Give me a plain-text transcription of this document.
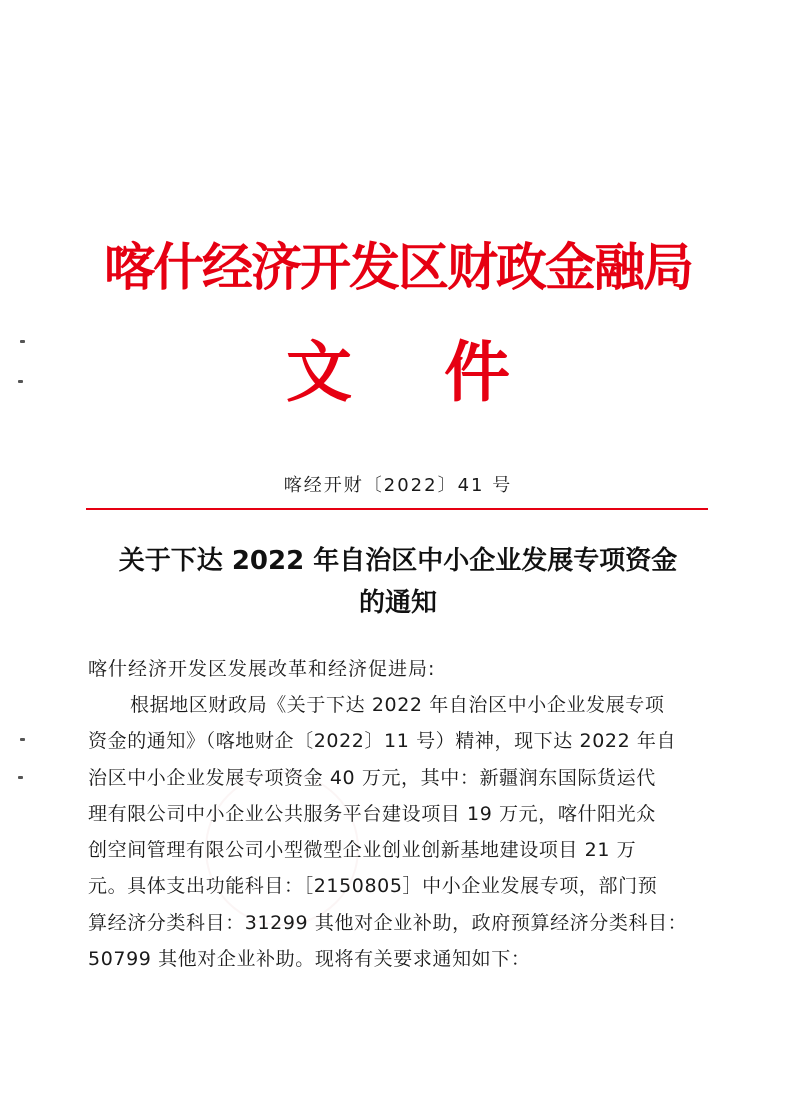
喀什经济开发区财政金融局
文件
喀经开财〔2022〕41 号
关于下达 2022 年自治区中小企业发展专项资金
的通知
喀什经济开发区发展改革和经济促进局:
根据地区财政局《关于下达 2022 年自治区中小企业发展专项
资金的通知》（喀地财企〔2022〕11 号）精神，现下达 2022 年自
治区中小企业发展专项资金 40 万元，其中：新疆润东国际货运代
理有限公司中小企业公共服务平台建设项目 19 万元，喀什阳光众
创空间管理有限公司小型微型企业创业创新基地建设项目 21 万
元。具体支出功能科目：［2150805］中小企业发展专项，部门预
算经济分类科目：31299 其他对企业补助，政府预算经济分类科目：
50799 其他对企业补助。现将有关要求通知如下：
